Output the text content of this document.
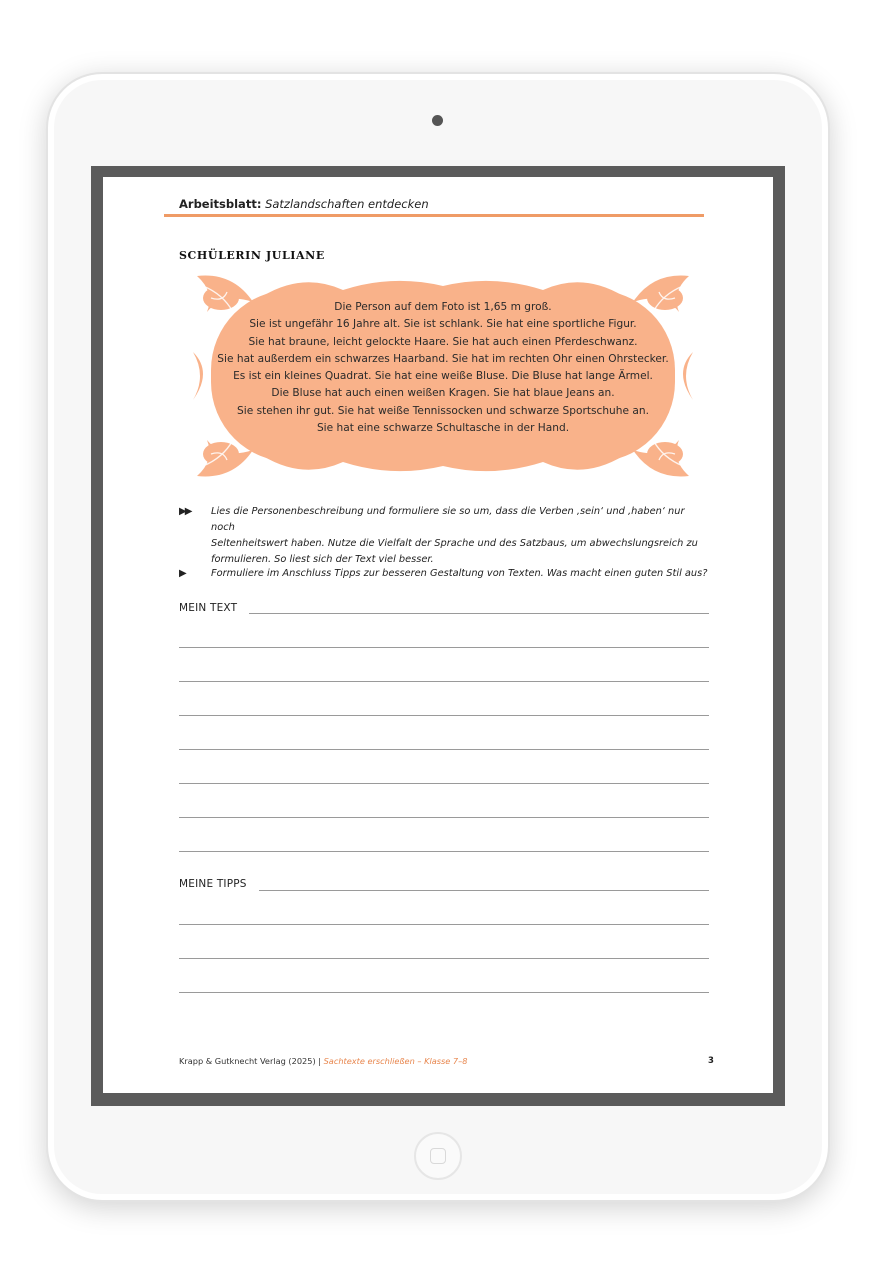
Arbeitsblatt: Satzlandschaften entdecken
SCHÜLERIN JULIANE
Die Person auf dem Foto ist 1,65 m groß.
Sie ist ungefähr 16 Jahre alt. Sie ist schlank. Sie hat eine sportliche Figur.
Sie hat braune, leicht gelockte Haare. Sie hat auch einen Pferdeschwanz.
Sie hat außerdem ein schwarzes Haarband. Sie hat im rechten Ohr einen Ohrstecker.
Es ist ein kleines Quadrat. Sie hat eine weiße Bluse. Die Bluse hat lange Ärmel.
Die Bluse hat auch einen weißen Kragen. Sie hat blaue Jeans an.
Sie stehen ihr gut. Sie hat weiße Tennissocken und schwarze Sportschuhe an.
Sie hat eine schwarze Schultasche in der Hand.
▶▶ Lies die Personenbeschreibung und formuliere sie so um, dass die Verben ‚sein‘ und ‚haben‘ nur noch
Seltenheitswert haben. Nutze die Vielfalt der Sprache und des Satzbaus, um abwechslungsreich zu
formulieren. So liest sich der Text viel besser.
▶	Formuliere im Anschluss Tipps zur besseren Gestaltung von Texten. Was macht einen guten Stil aus?
MEIN TEXT
MEINE TIPPS
Krapp & Gutknecht Verlag (2025) | Sachtexte erschließen – Klasse 7–8	3
